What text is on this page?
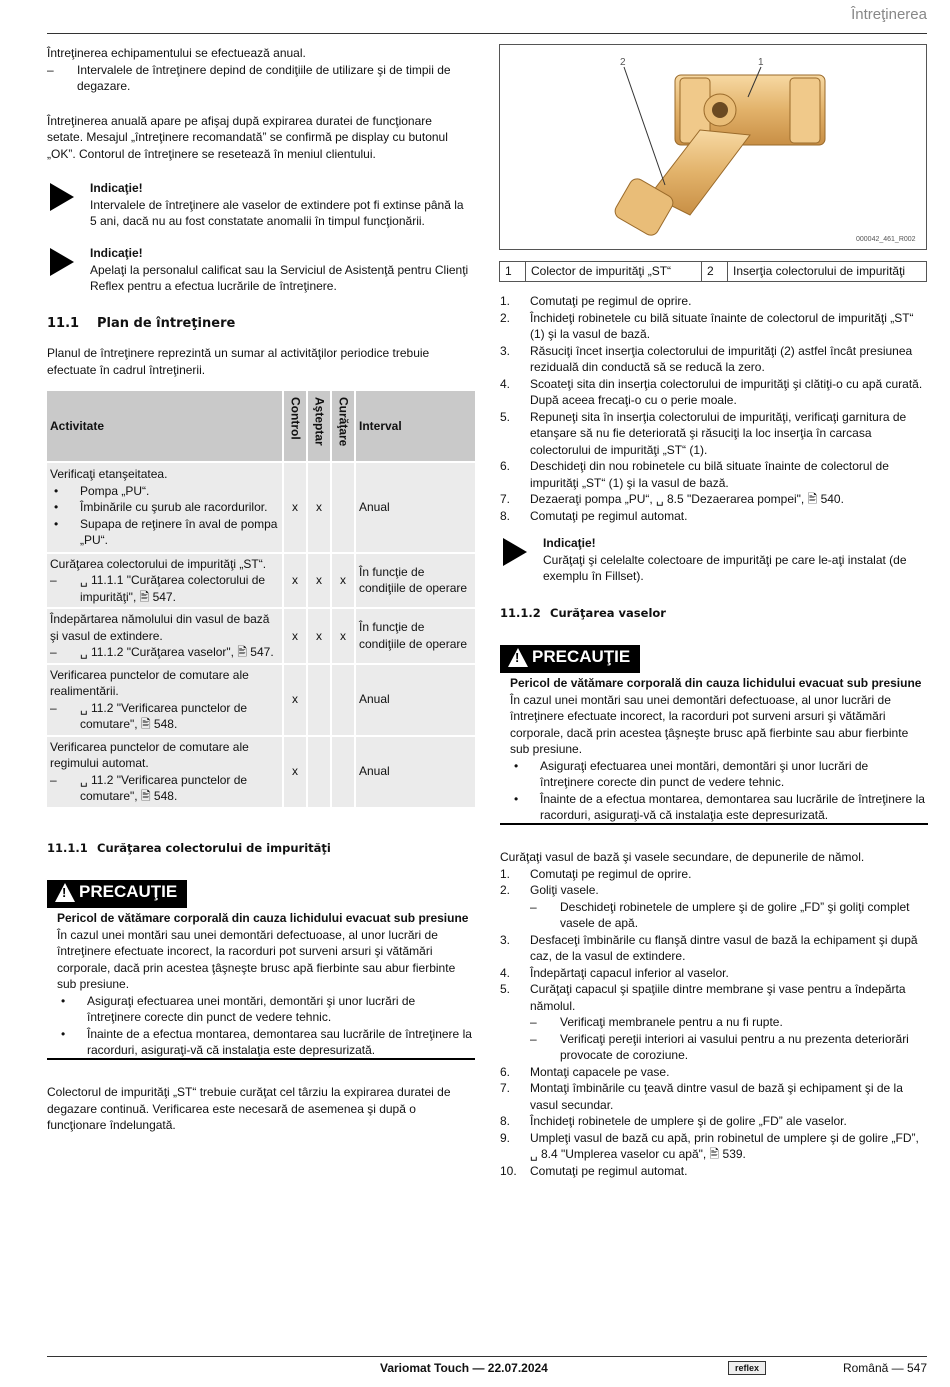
Întreţinerea

Întreţinerea echipamentului se efectuează anual.

– Intervalele de întreţinere depind de condiţiile de utilizare şi de timpii de degazare.

Întreţinerea anuală apare pe afişaj după expirarea duratei de funcţionare setate. Mesajul „întreţinere recomandată” se confirmă pe display cu butonul „OK”. Contorul de întreţinere se resetează în meniul clientului.

Indicaţie!

Intervalele de întreţinere ale vaselor de extindere pot fi extinse până la 5 ani, dacă nu au fost constatate anomalii în timpul funcţionării.

Indicaţie!

Apelaţi la personalul calificat sau la Serviciul de Asistenţă pentru Clienţi Reflex pentru a efectua lucrările de întreţinere.

11.1 Plan de întreţinere

Planul de întreţinere reprezintă un sumar al activităţilor periodice trebuie efectuate în cadrul întreţinerii.

Activitate	Control	Aşteptar	Curăţare	Interval

Verificaţi etanşeitatea.

• Pompa „PU“.

• Îmbinările cu şurub ale racordurilor.

• Supapa de reţinere în aval de pompa „PU“.	x	x		Anual

Curăţarea colectorului de impurităţi „ST“.

– ␣ 11.1.1 "Curăţarea colectorului de impurităţi", 🖹 547.	x	x	x	În funcţie de condiţiile de operare

Îndepărtarea nămolului din vasul de bază şi vasul de extindere.

– ␣ 11.1.2 "Curăţarea vaselor", 🖹 547.	x	x	x	În funcţie de condiţiile de operare

Verificarea punctelor de comutare ale realimentării.

– ␣ 11.2 "Verificarea punctelor de comutare", 🖹 548.	x			Anual

Verificarea punctelor de comutare ale regimului automat.

– ␣ 11.2 "Verificarea punctelor de comutare", 🖹 548.	x			Anual
11.1.1 Curăţarea colectorului de impurităţi
! PRECAUŢIE

Pericol de vătămare corporală din cauza lichidului evacuat sub presiune

În cazul unei montări sau unei demontări defectuoase, al unor lucrări de întreţinere efectuate incorect, la racorduri pot surveni arsuri şi vătămări corporale, dacă prin acestea ţâşneşte brusc apă fierbinte sau abur fierbinte sub presiune.

• Asiguraţi efectuarea unei montări, demontări şi unor lucrări de întreţinere corecte din punct de vedere tehnic.

• Înainte de a efectua montarea, demontarea sau lucrările de întreţinere la racorduri, asiguraţi-vă că instalaţia este depresurizată.

Colectorul de impurităţi „ST“ trebuie curăţat cel târziu la expirarea duratei de degazare continuă. Verificarea este necesară de asemenea şi după o funcţionare îndelungată.

2	1
000042_461_R002
1	Colector de impurităţi „ST“	2	Inserţia colectorului de impurităţi
1. Comutaţi pe regimul de oprire.
2. Închideţi robinetele cu bilă situate înainte de colectorul de impurităţi „ST“ (1) şi la vasul de bază.
3. Răsuciţi încet inserţia colectorului de impurităţi (2) astfel încât presiunea reziduală din conductă să se reducă la zero.
4. Scoateţi sita din inserţia colectorului de impurităţi şi clătiţi-o cu apă curată. După aceea frecaţi-o cu o perie moale.
5. Repuneţi sita în inserţia colectorului de impurităţi, verificaţi garnitura de etanşare să nu fie deteriorată şi răsuciţi la loc inserţia în carcasa colectorului de impurităţi „ST“ (1).
6. Deschideţi din nou robinetele cu bilă situate înainte de colectorul de impurităţi „ST“ (1) şi la vasul de bază.
7. Dezaeraţi pompa „PU“, ␣ 8.5 "Dezaerarea pompei", 🖹 540.
8. Comutaţi pe regimul automat.

Indicaţie!

Curăţaţi şi celelalte colectoare de impurităţi pe care le-aţi instalat (de exemplu în Fillset).

11.1.2 Curăţarea vaselor
! PRECAUŢIE

Pericol de vătămare corporală din cauza lichidului evacuat sub presiune

În cazul unei montări sau unei demontări defectuoase, al unor lucrări de întreţinere efectuate incorect, la racorduri pot surveni arsuri şi vătămări corporale, dacă prin acestea ţâşneşte brusc apă fierbinte sau abur fierbinte sub presiune.

• Asiguraţi efectuarea unei montări, demontări şi unor lucrări de întreţinere corecte din punct de vedere tehnic.

• Înainte de a efectua montarea, demontarea sau lucrările de întreţinere la racorduri, asiguraţi-vă că instalaţia este depresurizată.

Curăţaţi vasul de bază şi vasele secundare, de depunerile de nămol.

1. Comutaţi pe regimul de oprire.
2. Goliţi vasele.
– Deschideţi robinetele de umplere şi de golire „FD” şi goliţi complet vasele de apă.
3. Desfaceţi îmbinările cu flanşă dintre vasul de bază la echipament şi după caz, de la vasul de extindere.
4. Îndepărtaţi capacul inferior al vaselor.
5. Curăţaţi capacul şi spaţiile dintre membrane şi vase pentru a îndepărta nămolul.
– Verificaţi membranele pentru a nu fi rupte.
– Verificaţi pereţii interiori ai vasului pentru a nu prezenta deteriorări provocate de coroziune.
6. Montaţi capacele pe vase.
7. Montaţi îmbinările cu ţeavă dintre vasul de bază şi echipament şi de la vasul secundar.
8. Închideţi robinetele de umplere şi de golire „FD” ale vaselor.
9. Umpleţi vasul de bază cu apă, prin robinetul de umplere şi de golire „FD”,
␣ 8.4 "Umplerea vaselor cu apă", 🖹 539.
10. Comutaţi pe regimul automat.
Variomat Touch — 22.07.2024	reflex	Română — 547
